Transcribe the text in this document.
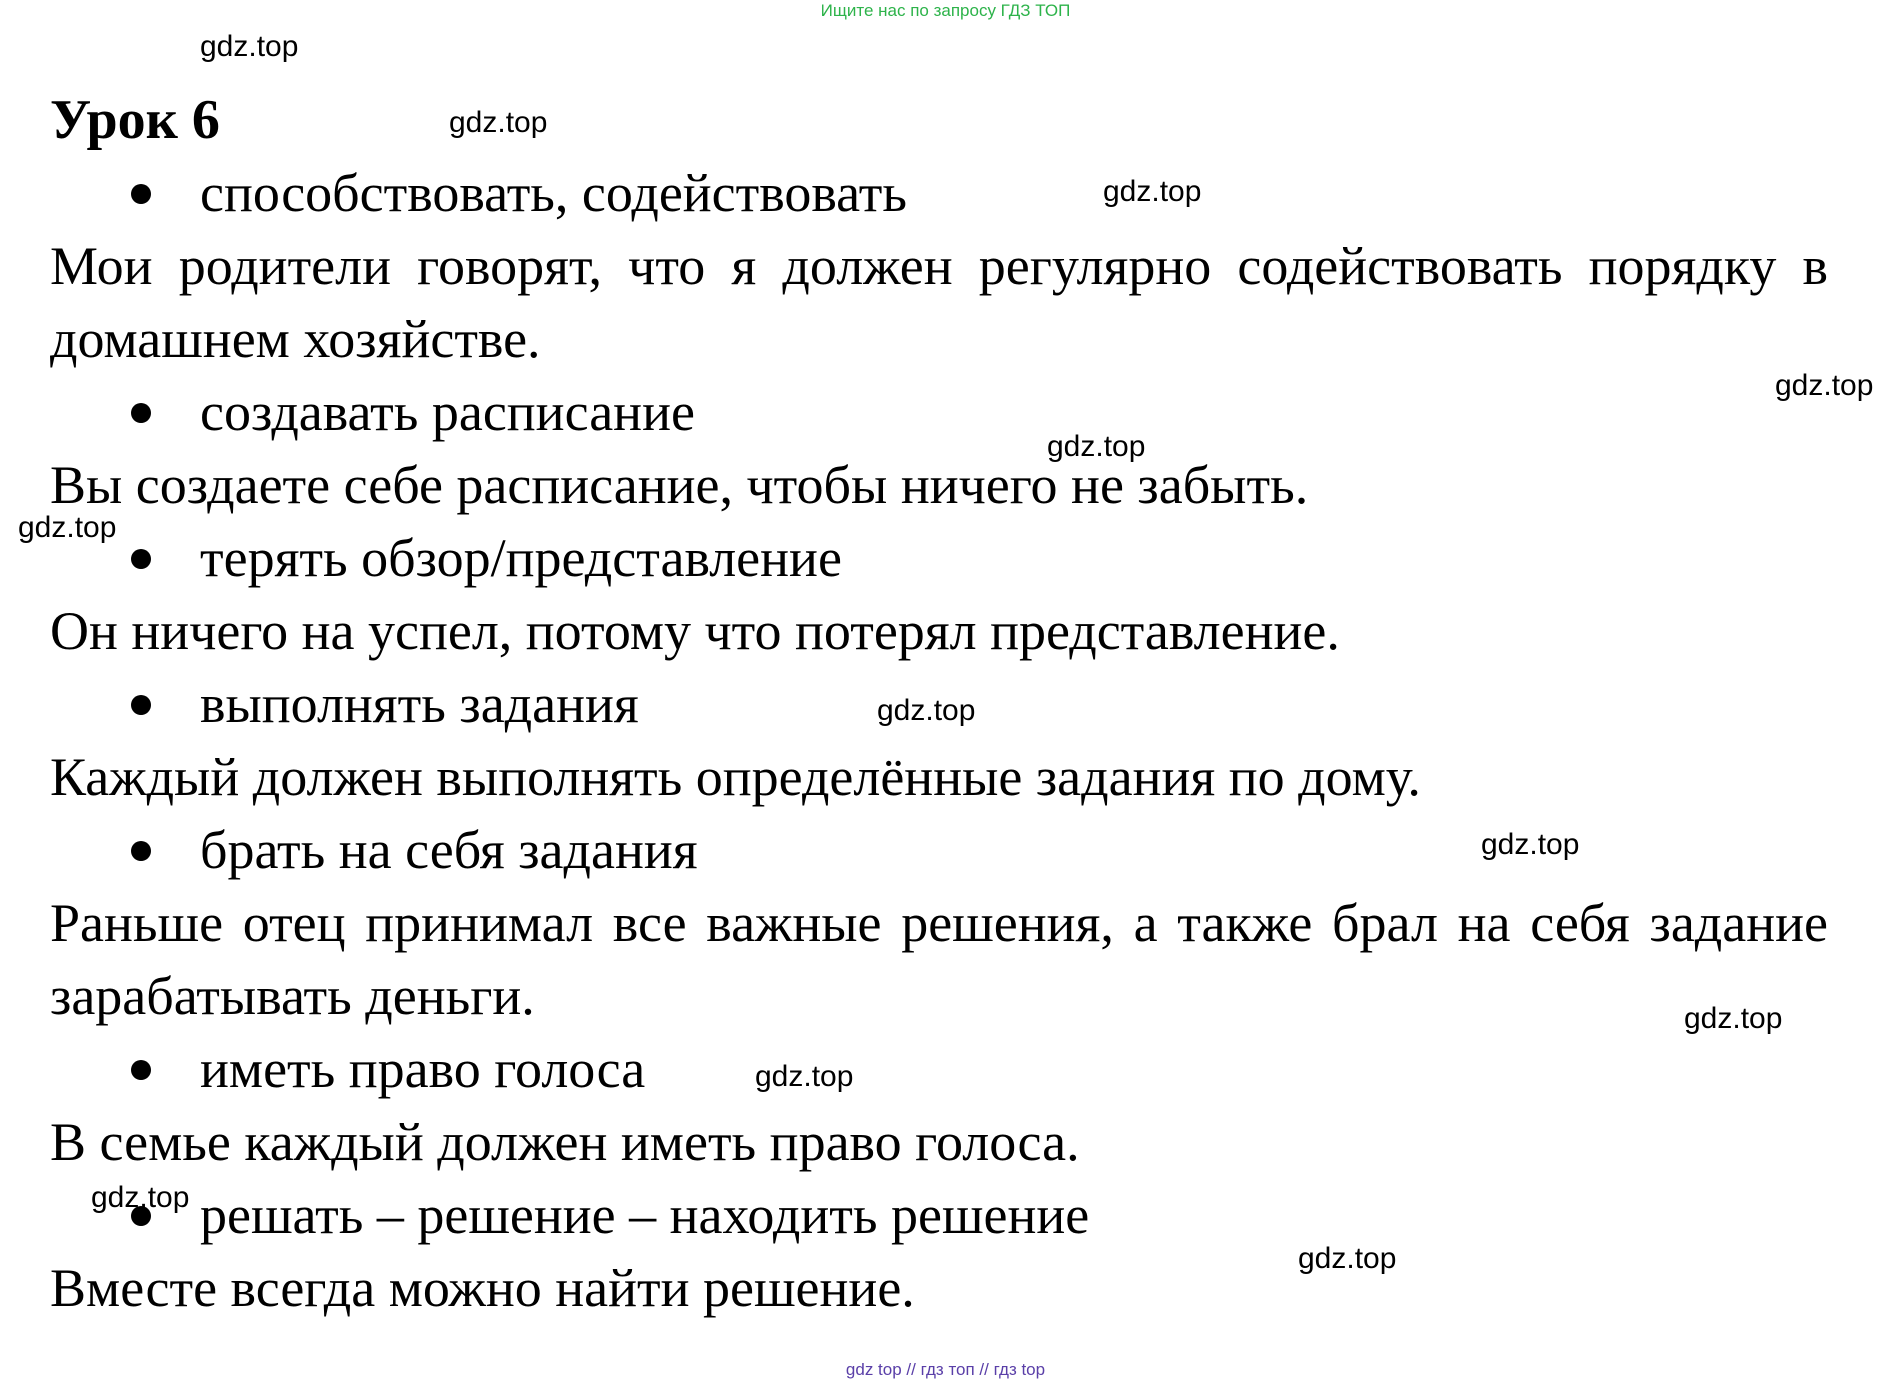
Ищите нас по запросу ГДЗ ТОП
Урок 6
способствовать, содействовать

Мои родители говорят, что я должен регулярно содействовать порядку в домашнем хозяйстве.

создавать расписание

Вы создаете себе расписание, чтобы ничего не забыть.

терять обзор/представление

Он ничего на успел, потому что потерял представление.

выполнять задания

Каждый должен выполнять определённые задания по дому.

брать на себя задания

Раньше отец принимал все важные решения, а также брал на себя задание зарабатывать деньги.

иметь право голоса

В семье каждый должен иметь право голоса.

решать – решение – находить решение

Вместе всегда можно найти решение.

gdz.top
gdz.top
gdz.top
gdz.top
gdz.top
gdz.top
gdz.top
gdz.top
gdz.top
gdz.top
gdz.top
gdz.top
gdz top // гдз топ // гдз top
